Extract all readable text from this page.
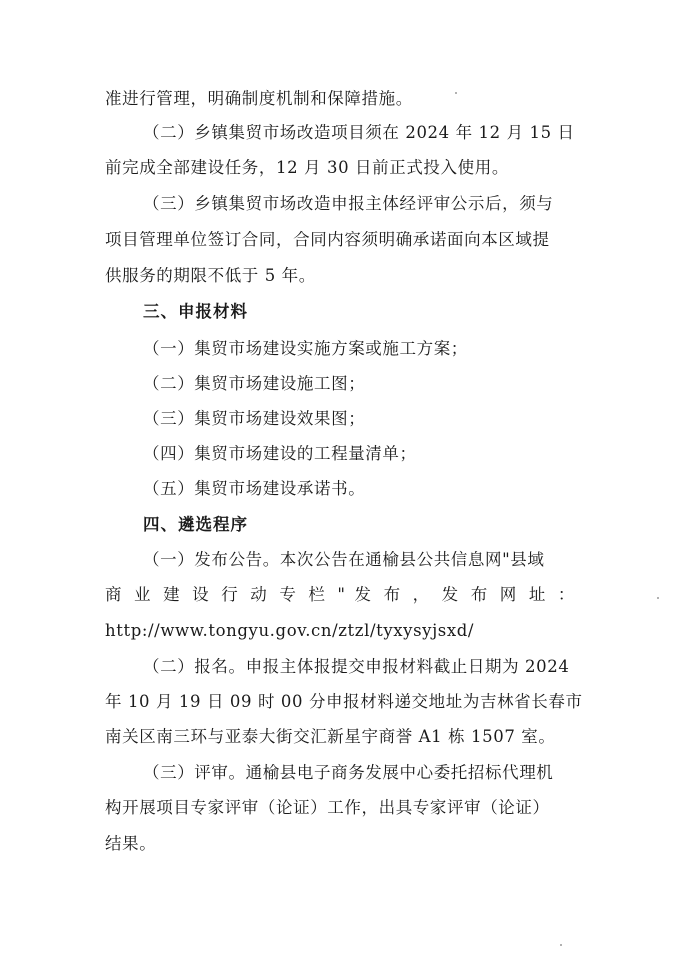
准进行管理，明确制度机制和保障措施。
（二）乡镇集贸市场改造项目须在 2024 年 12 月 15 日
前完成全部建设任务，12 月 30 日前正式投入使用。
（三）乡镇集贸市场改造申报主体经评审公示后，须与
项目管理单位签订合同，合同内容须明确承诺面向本区域提
供服务的期限不低于 5 年。
三、申报材料
（一）集贸市场建设实施方案或施工方案；
（二）集贸市场建设施工图；
（三）集贸市场建设效果图；
（四）集贸市场建设的工程量清单；
（五）集贸市场建设承诺书。
四、遴选程序
（一）发布公告。本次公告在通榆县公共信息网"县域
商 业 建 设 行 动 专 栏 " 发 布 ， 发 布 网 址 ：
http://www.tongyu.gov.cn/ztzl/tyxysyjsxd/
（二）报名。申报主体报提交申报材料截止日期为 2024
年 10 月 19 日 09 时 00 分申报材料递交地址为吉林省长春市
南关区南三环与亚泰大街交汇新星宇商誉 A1 栋 1507 室。
（三）评审。通榆县电子商务发展中心委托招标代理机
构开展项目专家评审（论证）工作，出具专家评审（论证）
结果。
